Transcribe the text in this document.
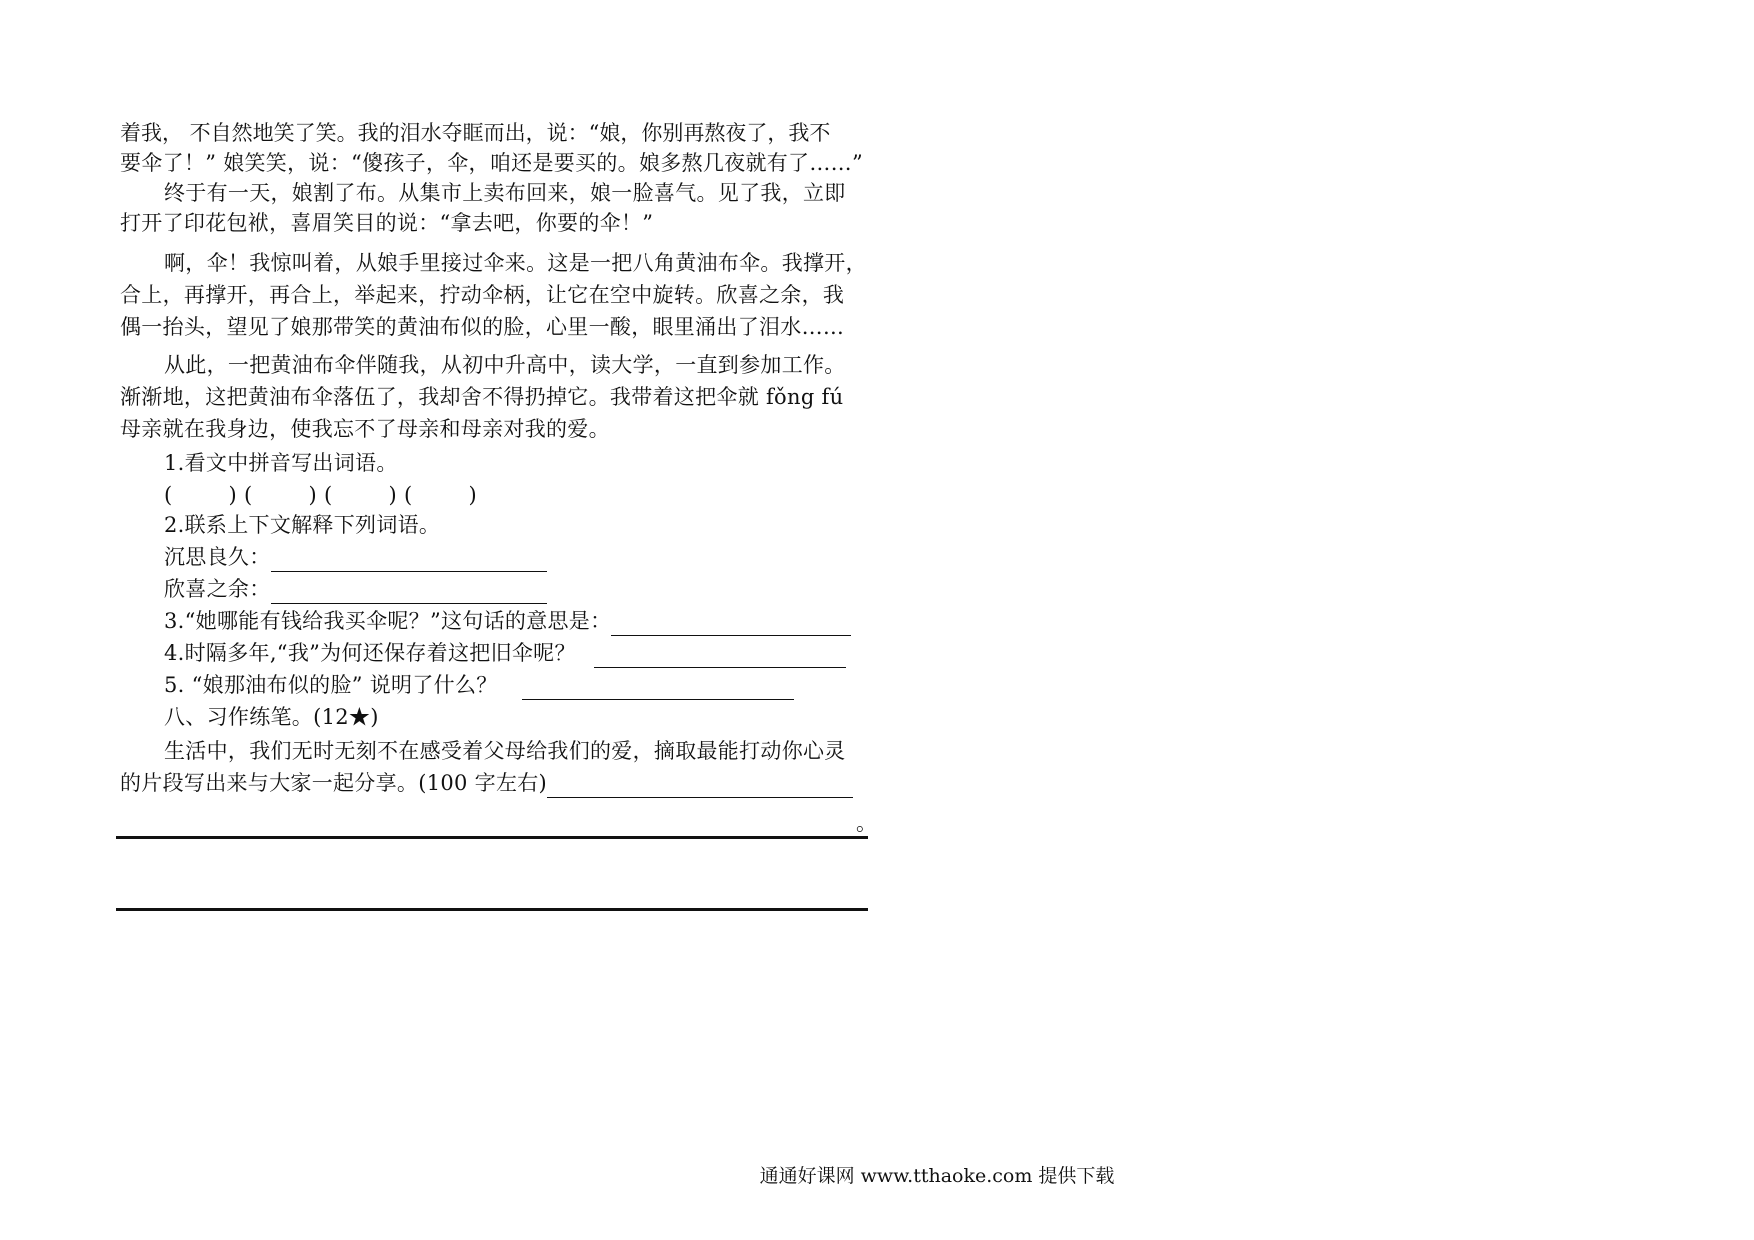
着我， 不自然地笑了笑。我的泪水夺眶而出，说：“娘，你别再熬夜了，我不
要伞了！” 娘笑笑，说：“傻孩子，伞，咱还是要买的。娘多熬几夜就有了……”
终于有一天，娘割了布。从集市上卖布回来，娘一脸喜气。见了我，立即
打开了印花包袱，喜眉笑目的说：“拿去吧，你要的伞！”
啊，伞！我惊叫着，从娘手里接过伞来。这是一把八角黄油布伞。我撑开，
合上，再撑开，再合上，举起来，拧动伞柄，让它在空中旋转。欣喜之余，我
偶一抬头，望见了娘那带笑的黄油布似的脸，心里一酸，眼里涌出了泪水……
从此，一把黄油布伞伴随我，从初中升高中，读大学，一直到参加工作。
渐渐地，这把黄油布伞落伍了，我却舍不得扔掉它。我带着这把伞就 fǒng fú
母亲就在我身边，使我忘不了母亲和母亲对我的爱。
1.看文中拼音写出词语。
(	) (	) (	) (	)
2.联系上下文解释下列词语。
沉思良久：
欣喜之余：
3.“她哪能有钱给我买伞呢？”这句话的意思是：
4.时隔多年,“我”为何还保存着这把旧伞呢？
5. “娘那油布似的脸” 说明了什么？
八、习作练笔。(12★)
生活中，我们无时无刻不在感受着父母给我们的爱，摘取最能打动你心灵
的片段写出来与大家一起分享。(100 字左右)
。
通通好课网 www.tthaoke.com 提供下载
